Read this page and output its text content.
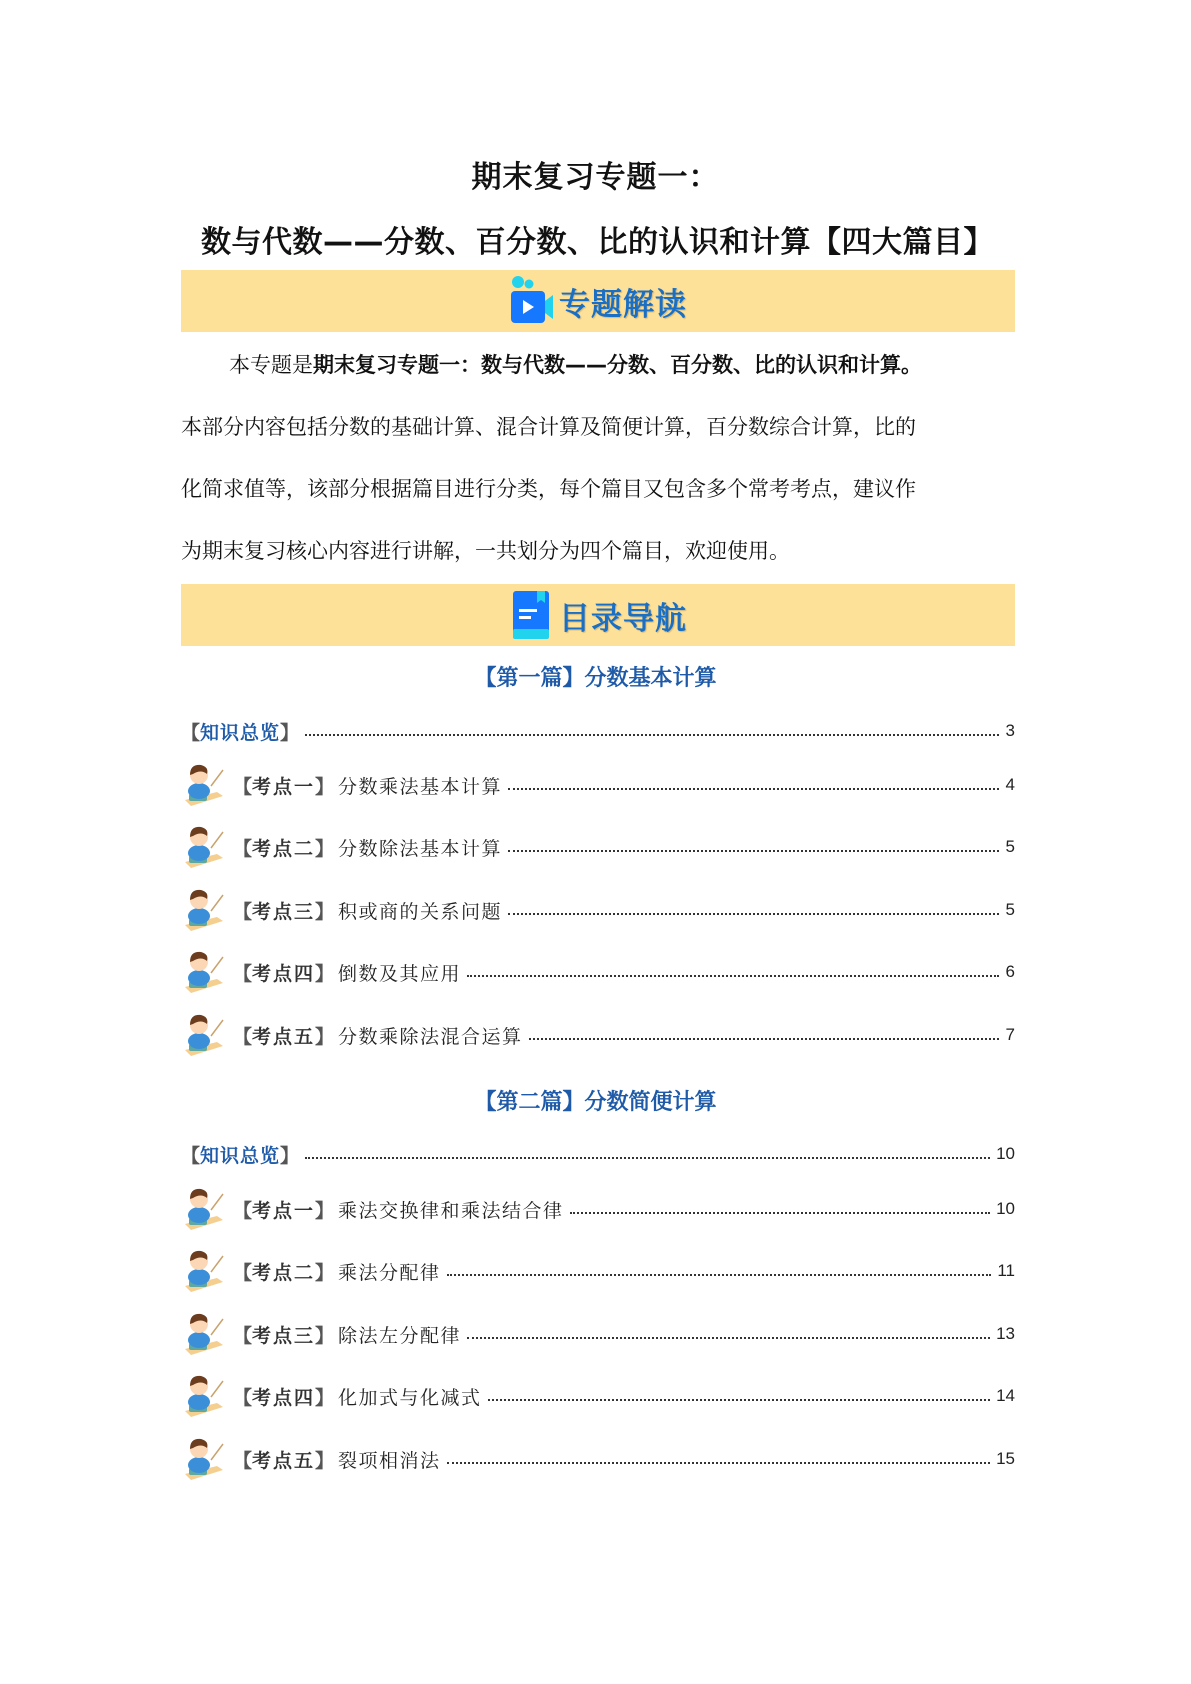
期末复习专题一：
数与代数——分数、百分数、比的认识和计算【四大篇目】
专题解读
本专题是期末复习专题一：数与代数——分数、百分数、比的认识和计算。
本部分内容包括分数的基础计算、混合计算及简便计算，百分数综合计算，比的
化简求值等，该部分根据篇目进行分类，每个篇目又包含多个常考考点，建议作
为期末复习核心内容进行讲解，一共划分为四个篇目，欢迎使用。
目录导航
【第一篇】分数基本计算
【 知识总览 】	3
【 考点一 】 分数乘法基本计算	4
【 考点二 】 分数除法基本计算	5
【 考点三 】 积或商的关系问题	5
【 考点四 】 倒数及其应用	6
【 考点五 】 分数乘除法混合运算	7
【第二篇】分数简便计算
【 知识总览 】	10
【 考点一 】 乘法交换律和乘法结合律	10
【 考点二 】 乘法分配律	11
【 考点三 】 除法左分配律	13
【 考点四 】 化加式与化减式	14
【 考点五 】 裂项相消法	15
